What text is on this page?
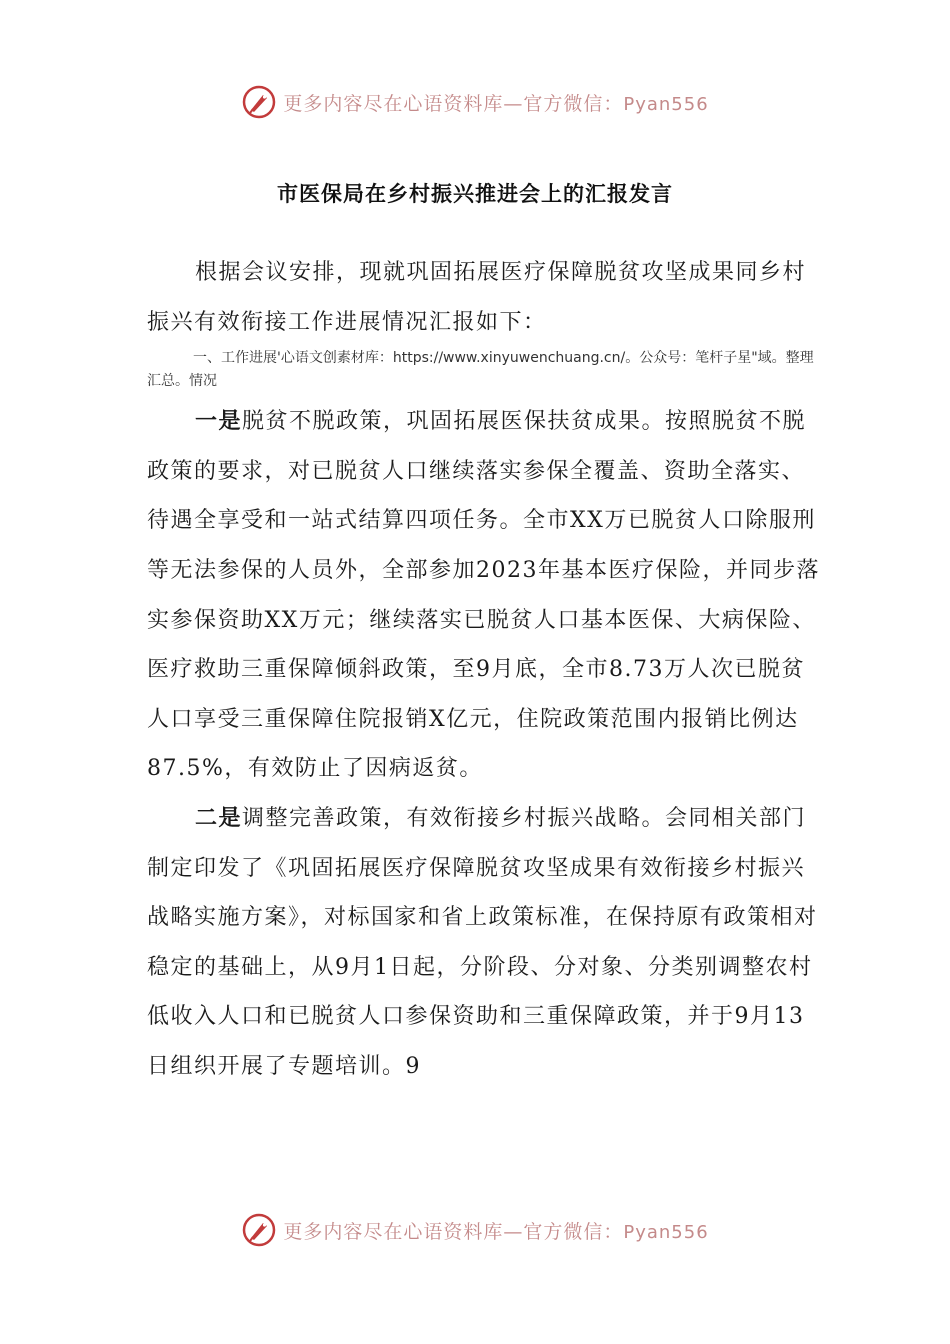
更多内容尽在心语资料库—官方微信：Pyan556
市医保局在乡村振兴推进会上的汇报发言

根据会议安排，现就巩固拓展医疗保障脱贫攻坚成果同乡村振兴有效衔接工作进展情况汇报如下：

一、工作进展'心语文创素材库：https://www.xinyuwenchuang.cn/。公众号：笔杆子星"域。整理汇总。情况

一是脱贫不脱政策，巩固拓展医保扶贫成果。按照脱贫不脱政策的要求，对已脱贫人口继续落实参保全覆盖、资助全落实、待遇全享受和一站式结算四项任务。全市XX万已脱贫人口除服刑等无法参保的人员外，全部参加2023年基本医疗保险，并同步落实参保资助XX万元；继续落实已脱贫人口基本医保、大病保险、医疗救助三重保障倾斜政策，至9月底，全市8.73万人次已脱贫人口享受三重保障住院报销X亿元，住院政策范围内报销比例达87.5%，有效防止了因病返贫。

二是调整完善政策，有效衔接乡村振兴战略。会同相关部门制定印发了《巩固拓展医疗保障脱贫攻坚成果有效衔接乡村振兴战略实施方案》，对标国家和省上政策标准，在保持原有政策相对稳定的基础上，从9月1日起，分阶段、分对象、分类别调整农村低收入人口和已脱贫人口参保资助和三重保障政策，并于9月13日组织开展了专题培训。9

更多内容尽在心语资料库—官方微信：Pyan556
